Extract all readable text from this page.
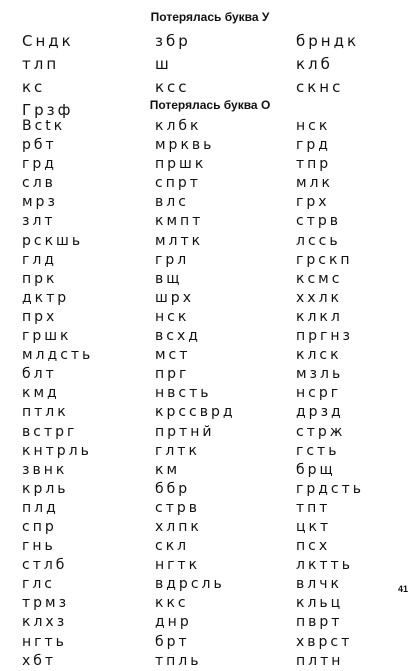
Потерялась буква У
Сндк
тлп
кс
Грзф
збр
ш
ксс
брндк
клб
скнс
Потерялась буква О
Вctк
рбт
грд
слв
мрз
злт
рскшь
глд
прк
дктр
прх
гршк
млдсть
блт
кмд
птлк
встрг
кнтрль
звнк
крль
плд
спр
гнь
стлб
глс
трмз
клхз
нгть
хбт
клбк
мрквь
пршк
спрт
влс
кмпт
млтк
грл
вщ
шрх
нск
всхд
мст
прг
нвсть
крссврд
пртнй
глтк
км
ббр
стрв
хлпк
скл
нгтк
вдрсль
ккс
днр
брт
тпль
нск
грд
тпр
млк
грх
стрв
лссь
грскп
ксмс
ххлк
клкл
пргнз
клск
мзль
нсрг
дрзд
стрж
гсть
брщ
грдсть
тпт
цкт
псх
лктть
влчк
кльц
пврт
хврст
плтн
41
